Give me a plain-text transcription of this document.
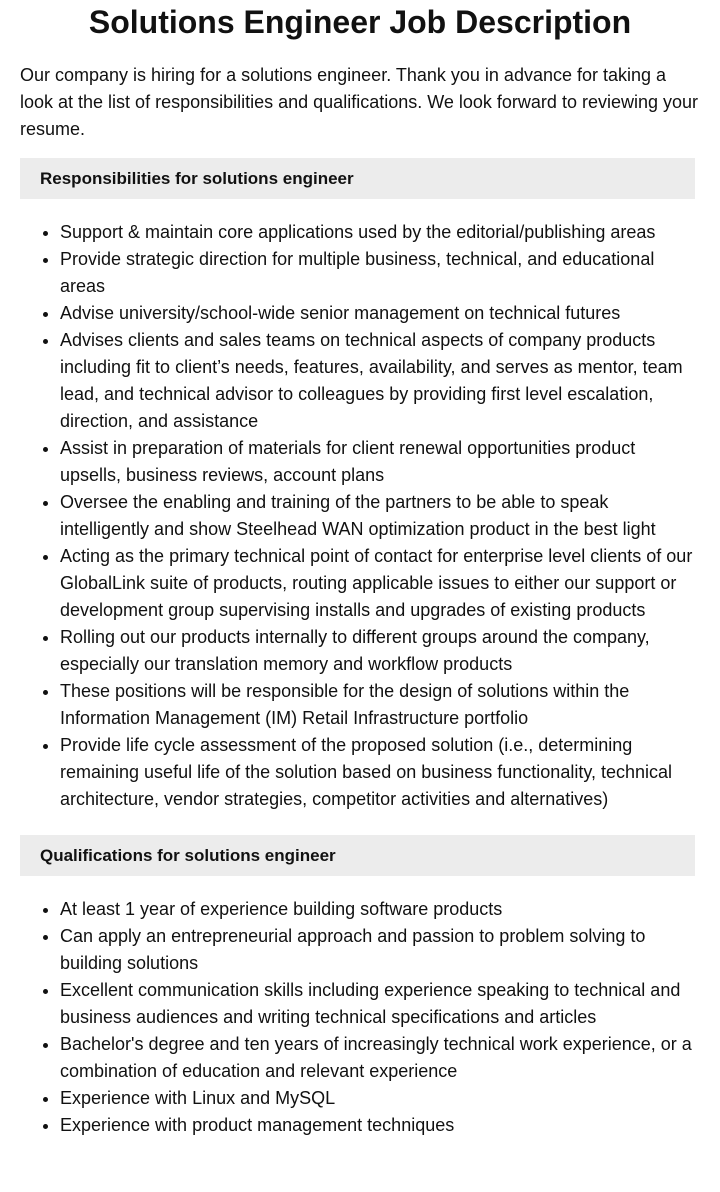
Solutions Engineer Job Description

Our company is hiring for a solutions engineer. Thank you in advance for taking a look at the list of responsibilities and qualifications. We look forward to reviewing your resume.

Responsibilities for solutions engineer
• Support & maintain core applications used by the editorial/publishing areas
• Provide strategic direction for multiple business, technical, and educational areas
• Advise university/school-wide senior management on technical futures
• Advises clients and sales teams on technical aspects of company products including fit to client’s needs, features, availability, and serves as mentor, team lead, and technical advisor to colleagues by providing first level escalation, direction, and assistance
• Assist in preparation of materials for client renewal opportunities product upsells, business reviews, account plans
• Oversee the enabling and training of the partners to be able to speak intelligently and show Steelhead WAN optimization product in the best light
• Acting as the primary technical point of contact for enterprise level clients of our GlobalLink suite of products, routing applicable issues to either our support or development group supervising installs and upgrades of existing products
• Rolling out our products internally to different groups around the company, especially our translation memory and workflow products
• These positions will be responsible for the design of solutions within the Information Management (IM) Retail Infrastructure portfolio
• Provide life cycle assessment of the proposed solution (i.e., determining remaining useful life of the solution based on business functionality, technical architecture, vendor strategies, competitor activities and alternatives)
Qualifications for solutions engineer
• At least 1 year of experience building software products
• Can apply an entrepreneurial approach and passion to problem solving to building solutions
• Excellent communication skills including experience speaking to technical and business audiences and writing technical specifications and articles
• Bachelor's degree and ten years of increasingly technical work experience, or a combination of education and relevant experience
• Experience with Linux and MySQL
• Experience with product management techniques
